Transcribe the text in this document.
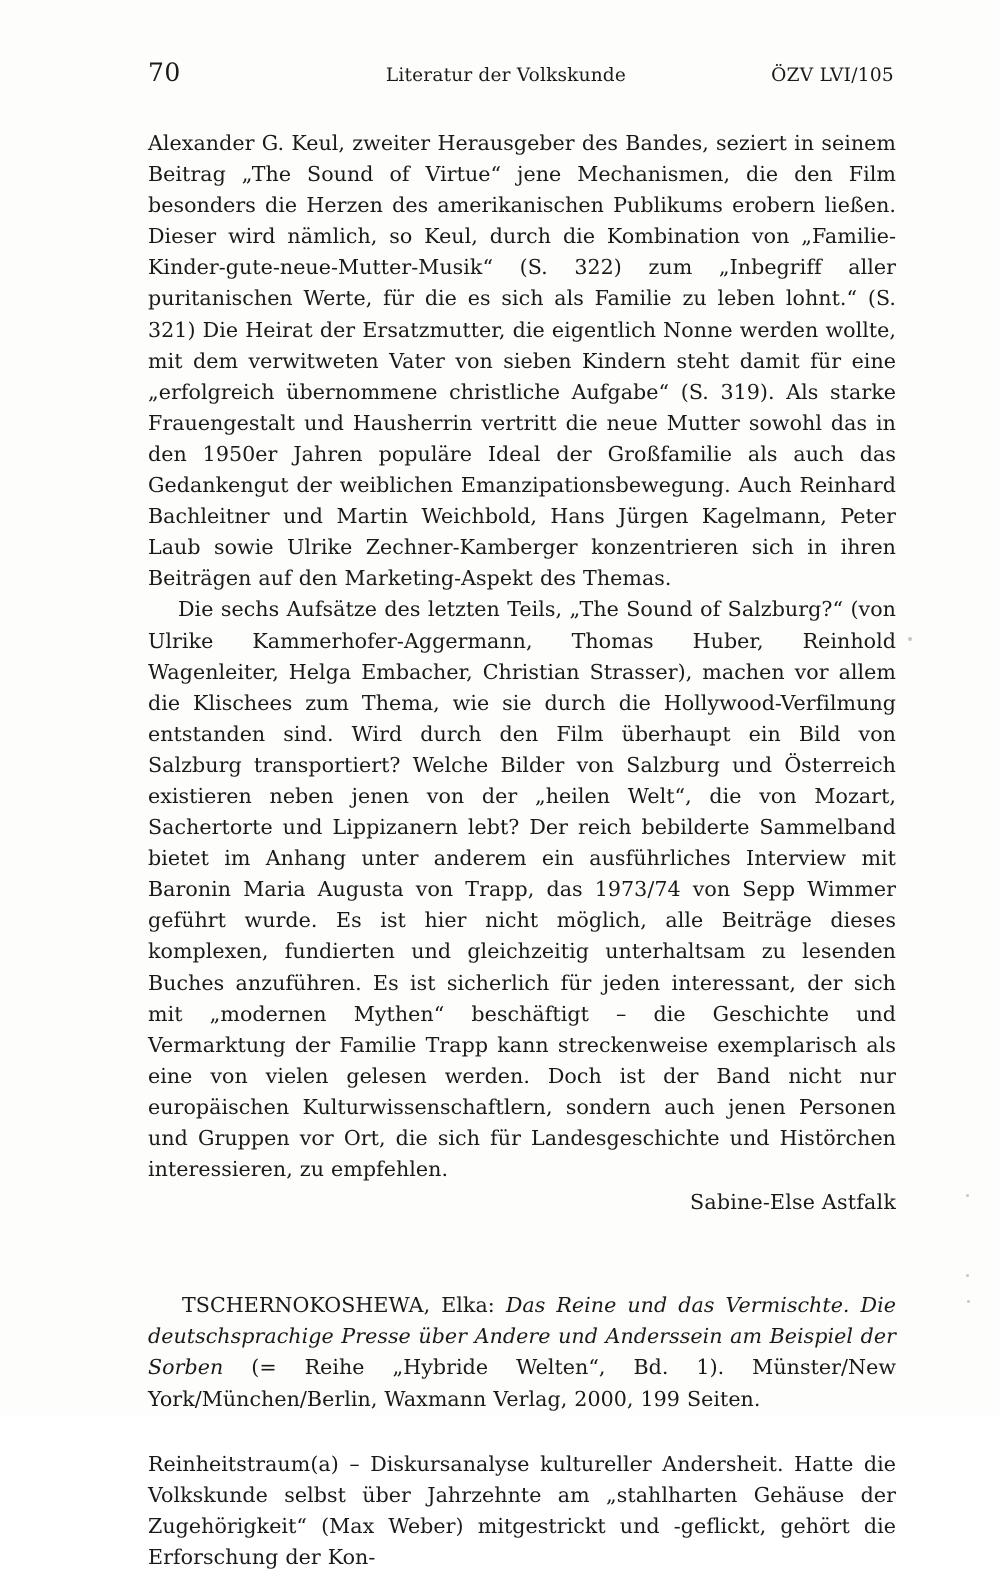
70	Literatur der Volkskunde	ÖZV LVI/105

Alexander G. Keul, zweiter Herausgeber des Bandes, seziert in seinem Beitrag „The Sound of Virtue“ jene Mechanismen, die den Film besonders die Herzen des amerikanischen Publikums erobern ließen. Dieser wird nämlich, so Keul, durch die Kombination von „Familie-Kinder-gute-neue-Mutter-Musik“ (S. 322) zum „Inbegriff aller puritanischen Werte, für die es sich als Familie zu leben lohnt.“ (S. 321) Die Heirat der Ersatzmutter, die eigentlich Nonne werden wollte, mit dem verwitweten Vater von sieben Kindern steht damit für eine „erfolgreich übernommene christliche Aufgabe“ (S. 319). Als starke Frauengestalt und Hausherrin vertritt die neue Mutter sowohl das in den 1950er Jahren populäre Ideal der Großfamilie als auch das Gedankengut der weiblichen Emanzipationsbewegung. Auch Reinhard Bachleitner und Martin Weichbold, Hans Jürgen Kagelmann, Peter Laub sowie Ulrike Zechner-Kamberger konzentrieren sich in ihren Beiträgen auf den Marketing-Aspekt des Themas.

Die sechs Aufsätze des letzten Teils, „The Sound of Salzburg?“ (von Ulrike Kammerhofer-Aggermann, Thomas Huber, Reinhold Wagenleiter, Helga Embacher, Christian Strasser), machen vor allem die Klischees zum Thema, wie sie durch die Hollywood-Verfilmung entstanden sind. Wird durch den Film überhaupt ein Bild von Salzburg transportiert? Welche Bilder von Salzburg und Österreich existieren neben jenen von der „heilen Welt“, die von Mozart, Sachertorte und Lippizanern lebt? Der reich bebilderte Sammelband bietet im Anhang unter anderem ein ausführliches Interview mit Baronin Maria Augusta von Trapp, das 1973/74 von Sepp Wimmer geführt wurde. Es ist hier nicht möglich, alle Beiträge dieses komplexen, fundierten und gleichzeitig unterhaltsam zu lesenden Buches anzuführen. Es ist sicherlich für jeden interessant, der sich mit „modernen Mythen“ beschäftigt – die Geschichte und Vermarktung der Familie Trapp kann streckenweise exemplarisch als eine von vielen gelesen werden. Doch ist der Band nicht nur europäischen Kulturwissenschaftlern, sondern auch jenen Personen und Gruppen vor Ort, die sich für Landesgeschichte und Histörchen interessieren, zu empfehlen.

Sabine-Else Astfalk

TSCHERNOKOSHEWA, Elka: Das Reine und das Vermischte. Die deutschsprachige Presse über Andere und Anderssein am Beispiel der Sorben (= Reihe „Hybride Welten“, Bd. 1). Münster/New York/München/Berlin, Waxmann Verlag, 2000, 199 Seiten.

Reinheitstraum(a) – Diskursanalyse kultureller Andersheit. Hatte die Volkskunde selbst über Jahrzehnte am „stahlharten Gehäuse der Zugehörigkeit“ (Max Weber) mitgestrickt und -geflickt, gehört die Erforschung der Kon-
